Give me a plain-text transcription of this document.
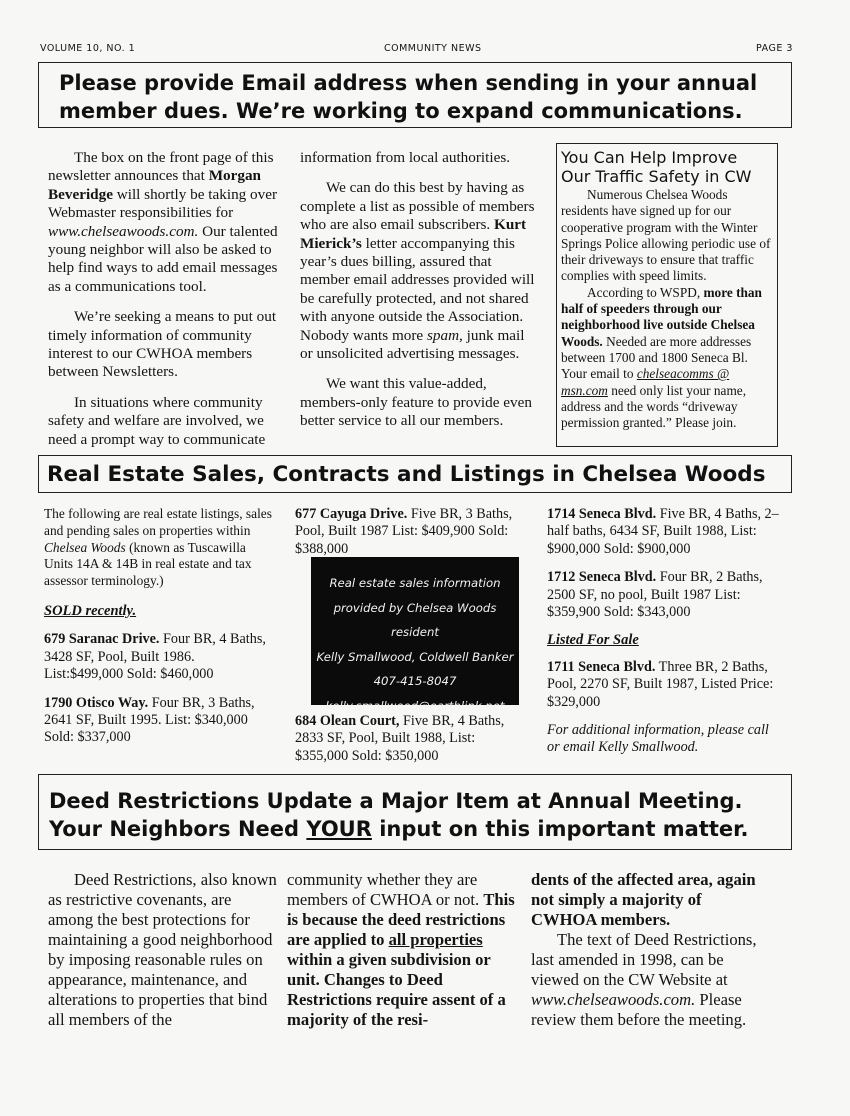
VOLUME 10, NO. 1	COMMUNITY NEWS	PAGE 3
Please provide Email address when sending in your annual
member dues. We’re working to expand communications.

The box on the front page of this newsletter announces that Morgan Beveridge will shortly be taking over Webmaster responsibilities for www.chelseawoods.com. Our talented young neighbor will also be asked to help find ways to add email messages as a communications tool.

We’re seeking a means to put out timely information of community interest to our CWHOA members between Newsletters.

In situations where community safety and welfare are involved, we need a prompt way to communicate

information from local authorities.

We can do this best by having as complete a list as possible of members who are also email subscribers. Kurt Mierick’s letter accompanying this year’s dues billing, assured that member email addresses provided will be carefully protected, and not shared with anyone outside the Association. Nobody wants more spam, junk mail or unsolicited advertising messages.

We want this value-added, members-only feature to provide even better service to all our members.

You Can Help Improve
Our Traffic Safety in CW

Numerous Chelsea Woods residents have signed up for our cooperative program with the Winter Springs Police allowing periodic use of their driveways to ensure that traffic complies with speed limits.

According to WSPD, more than half of speeders through our neighborhood live outside Chelsea Woods. Needed are more addresses between 1700 and 1800 Seneca Bl. Your email to chelseacomms @ msn.com need only list your name, address and the words “driveway permission granted.” Please join.

Real Estate Sales, Contracts and Listings in Chelsea Woods

The following are real estate listings, sales and pending sales on properties within Chelsea Woods (known as Tuscawilla Units 14A & 14B in real estate and tax assessor terminology.)

SOLD recently.

679 Saranac Drive. Four BR, 4 Baths, 3428 SF, Pool, Built 1986. List:$499,000 Sold: $460,000

1790 Otisco Way. Four BR, 3 Baths, 2641 SF, Built 1995. List: $340,000 Sold: $337,000

677 Cayuga Drive. Five BR, 3 Baths, Pool, Built 1987 List: $409,900 Sold: $388,000

Real estate sales information
provided by Chelsea Woods resident
Kelly Smallwood, Coldwell Banker
407-415-8047
kelly.smallwood@earthlink.net

684 Olean Court, Five BR, 4 Baths, 2833 SF, Pool, Built 1988, List: $355,000 Sold: $350,000

1714 Seneca Blvd. Five BR, 4 Baths, 2– half baths, 6434 SF, Built 1988, List: $900,000 Sold: $900,000

1712 Seneca Blvd. Four BR, 2 Baths, 2500 SF, no pool, Built 1987 List: $359,900 Sold: $343,000

Listed For Sale

1711 Seneca Blvd. Three BR, 2 Baths, Pool, 2270 SF, Built 1987, Listed Price: $329,000

For additional information, please call or email Kelly Smallwood.

Deed Restrictions Update a Major Item at Annual Meeting.
Your Neighbors Need YOUR input on this important matter.
Deed Restrictions, also known as restrictive covenants, are among the best protections for maintaining a good neighborhood by imposing reasonable rules on appearance, maintenance, and alterations to properties that bind all members of the
community whether they are members of CWHOA or not. This is because the deed restrictions are applied to all properties within a given subdivision or unit. Changes to Deed Restrictions require assent of a majority of the resi-
dents of the affected area, again not simply a majority of CWHOA members.
The text of Deed Restrictions, last amended in 1998, can be viewed on the CW Website at www.chelseawoods.com. Please review them before the meeting.
